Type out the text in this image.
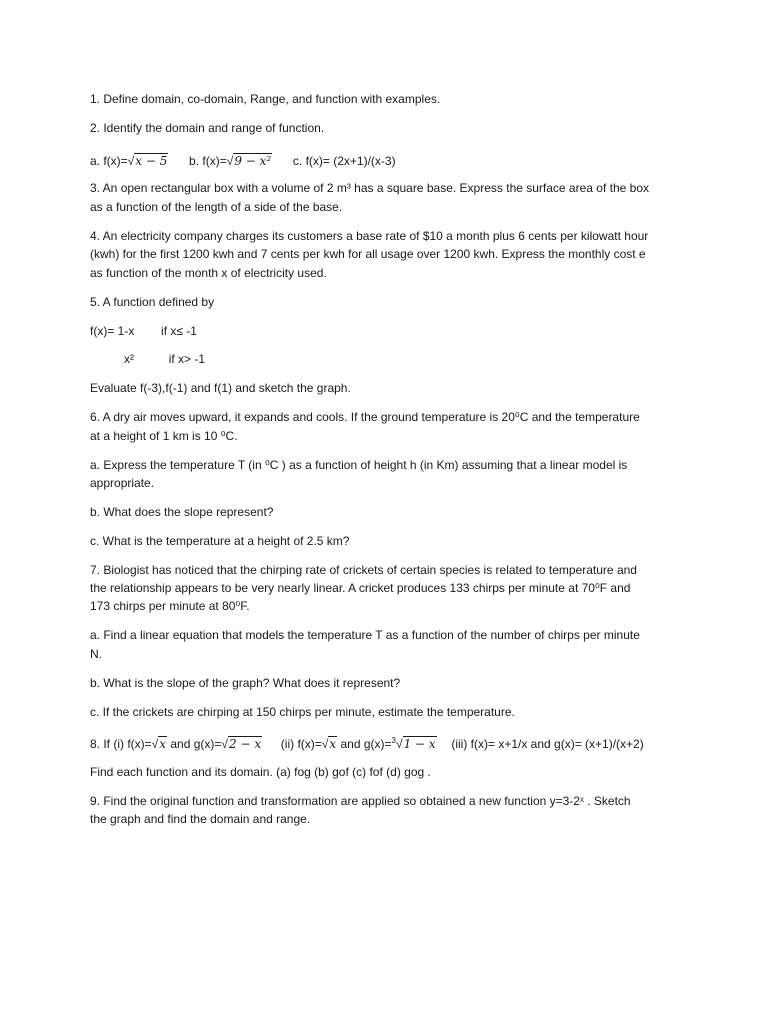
1. Define domain, co-domain, Range, and function with examples.
2. Identify the domain and range of function.
a. f(x)=√x − 5 b. f(x)=√9 − x² c. f(x)= (2x+1)/(x-3)
3. An open rectangular box with a volume of 2 m³ has a square base. Express the surface area of the box
as a function of the length of a side of the base.
4. An electricity company charges its customers a base rate of $10 a month plus 6 cents per kilowatt hour
(kwh) for the first 1200 kwh and 7 cents per kwh for all usage over 1200 kwh. Express the monthly cost e
as function of the month x of electricity used.
5. A function defined by
f(x)= 1-x if x≤ -1
x²	if x> -1
Evaluate f(-3),f(-1) and f(1) and sketch the graph.
6. A dry air moves upward, it expands and cools. If the ground temperature is 20⁰C and the temperature
at a height of 1 km is 10 ⁰C.
a. Express the temperature T (in ⁰C ) as a function of height h (in Km) assuming that a linear model is
appropriate.
b. What does the slope represent?
c. What is the temperature at a height of 2.5 km?
7. Biologist has noticed that the chirping rate of crickets of certain species is related to temperature and
the relationship appears to be very nearly linear. A cricket produces 133 chirps per minute at 70⁰F and
173 chirps per minute at 80⁰F.
a. Find a linear equation that models the temperature T as a function of the number of chirps per minute
N.
b. What is the slope of the graph? What does it represent?
c. If the crickets are chirping at 150 chirps per minute, estimate the temperature.
8. If (i) f(x)=√x and g(x)=√2 − x (ii) f(x)=√x and g(x)=$^3$√1 − x (iii) f(x)= x+1/x and g(x)= (x+1)/(x+2)
Find each function and its domain. (a) fog (b) gof (c) fof (d) gog .
9. Find the original function and transformation are applied so obtained a new function y=3-2ˣ . Sketch
the graph and find the domain and range.
